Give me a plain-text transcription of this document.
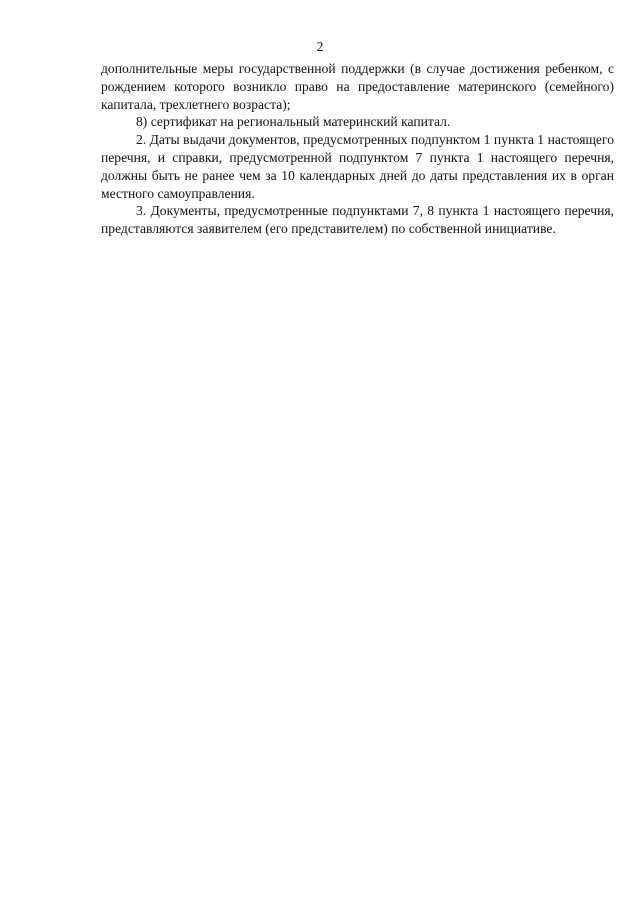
2

дополнительные меры государственной поддержки (в случае достижения ребенком, с рождением которого возникло право на предоставление материнского (семейного) капитала, трехлетнего возраста);

8) сертификат на региональный материнский капитал.

2. Даты выдачи документов, предусмотренных подпунктом 1 пункта 1 настоящего перечня, и справки, предусмотренной подпунктом 7 пункта 1 настоящего перечня, должны быть не ранее чем за 10 календарных дней до даты представления их в орган местного самоуправления.

3. Документы, предусмотренные подпунктами 7, 8 пункта 1 настоящего перечня, представляются заявителем (его представителем) по собственной инициативе.
